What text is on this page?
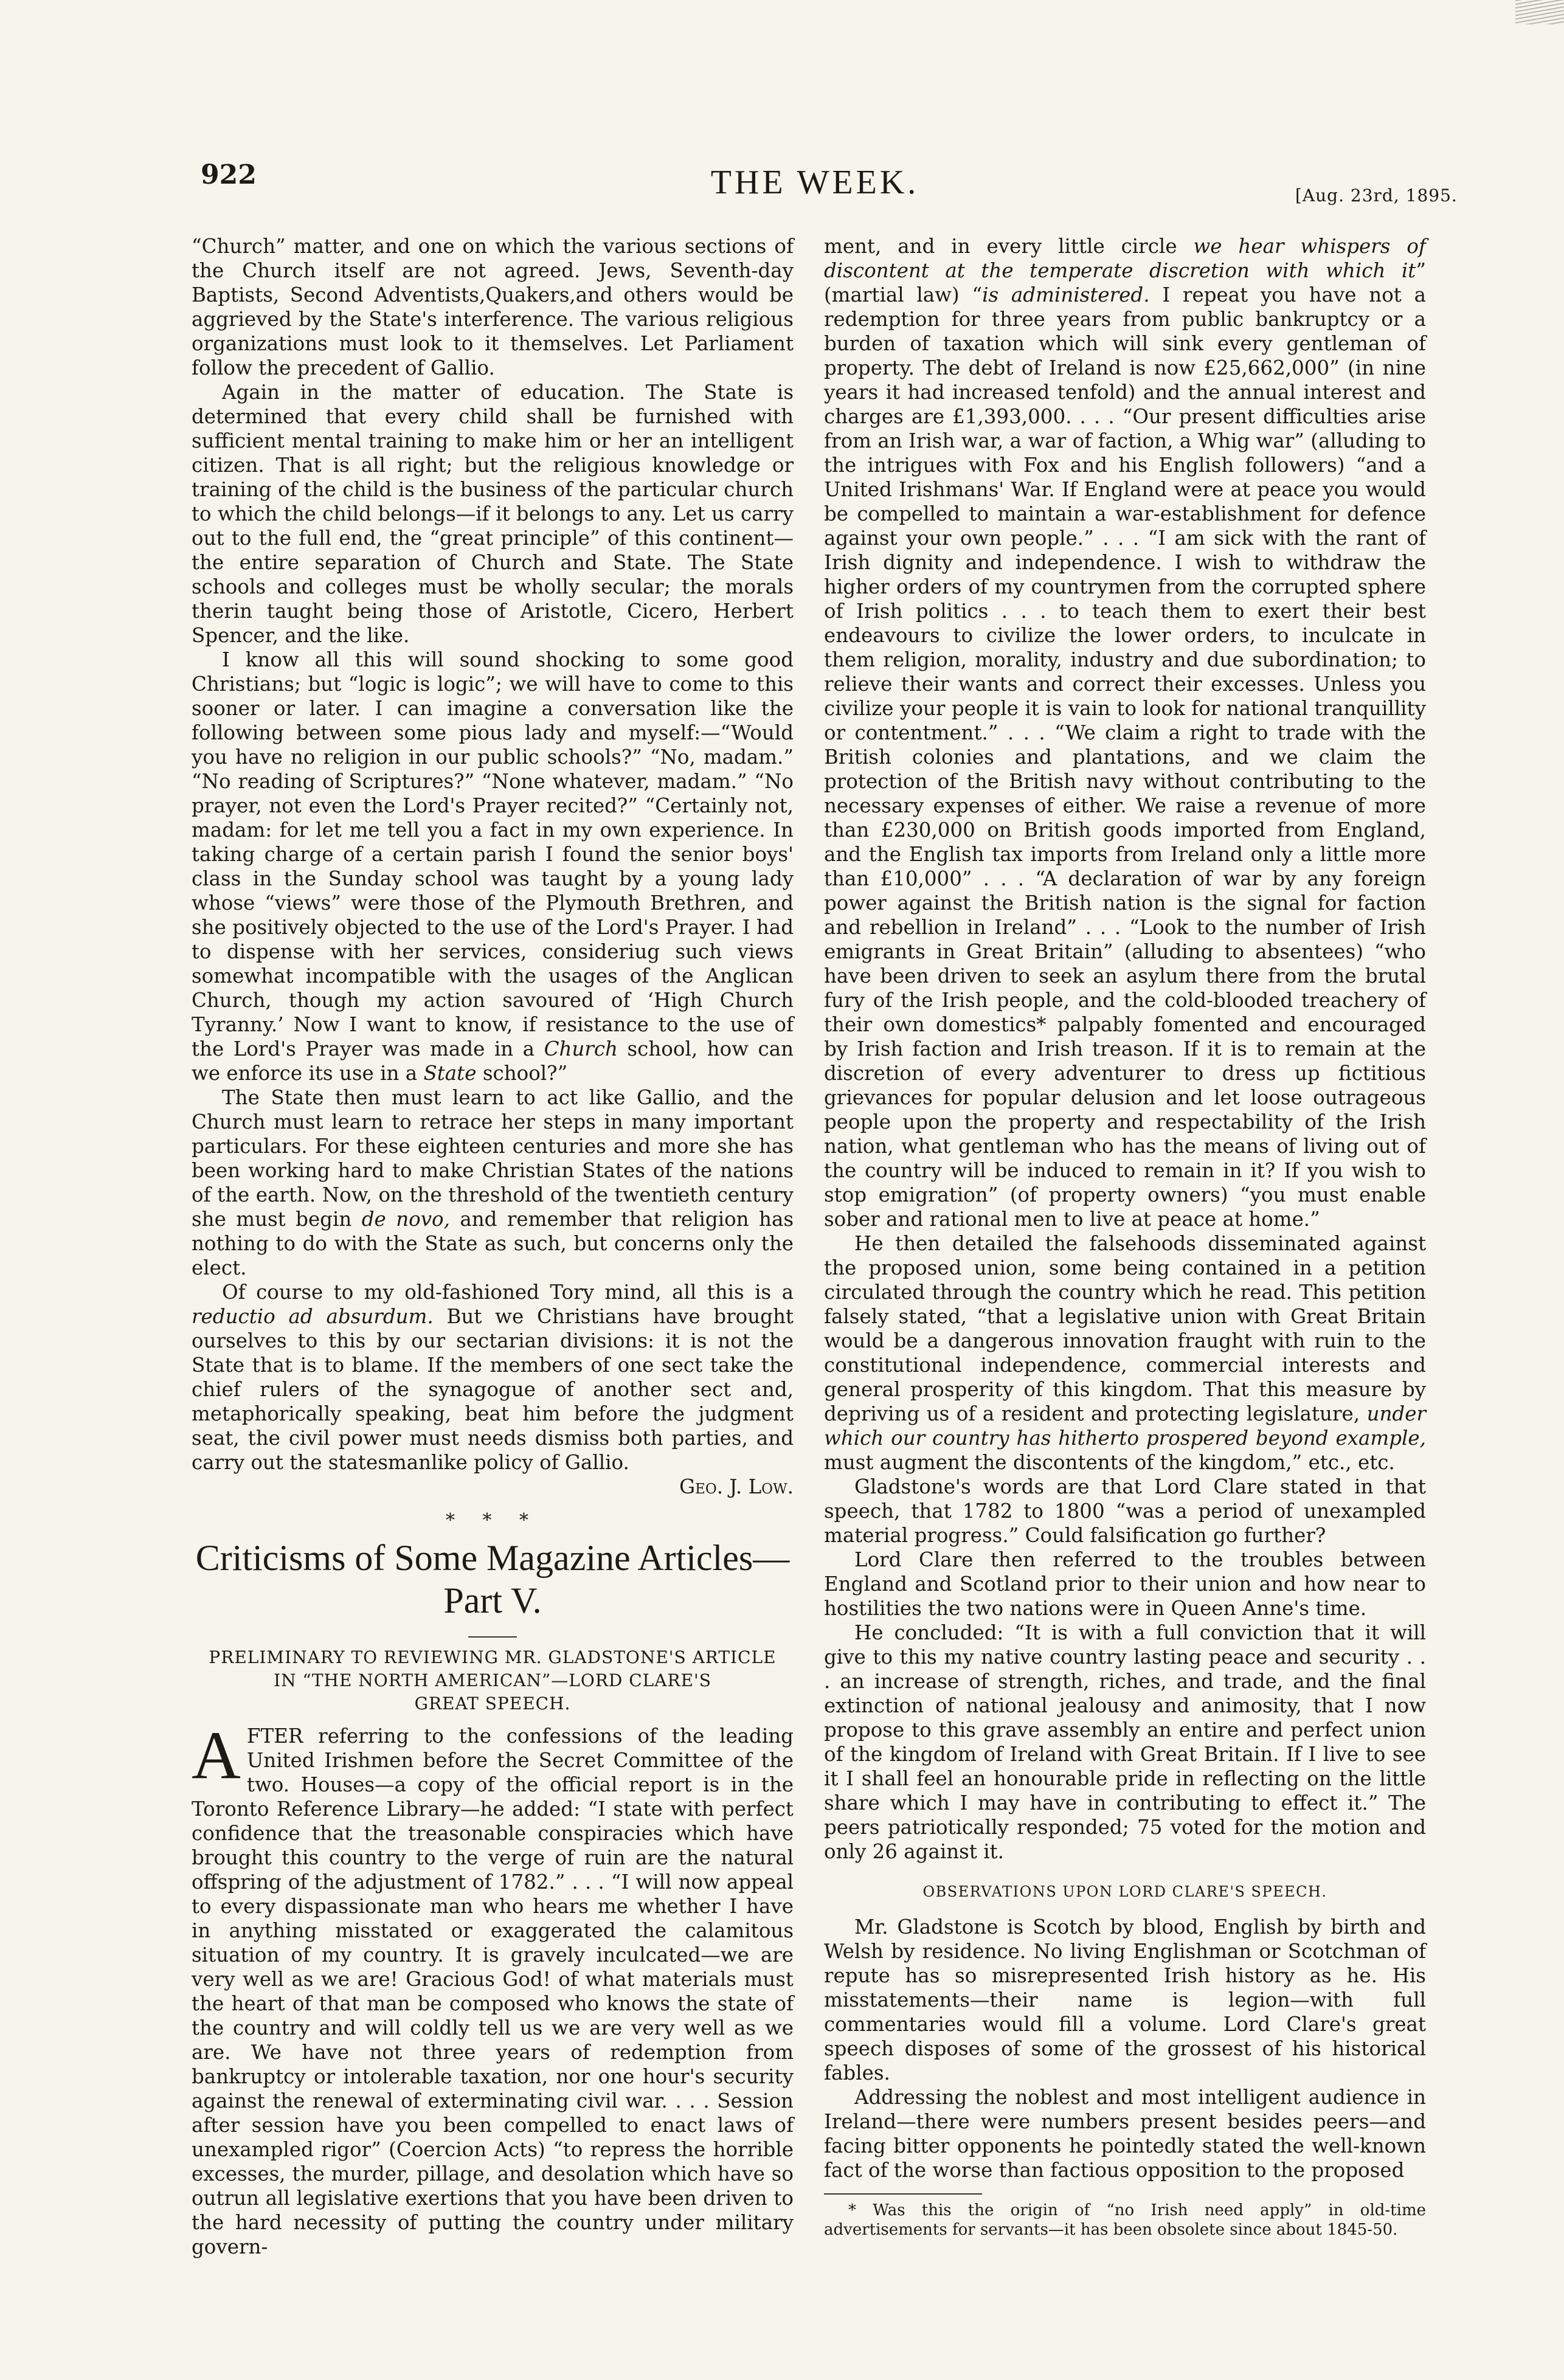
922	THE WEEK.	[Aug. 23rd, 1895.

“Church” matter, and one on which the various sections of the Church itself are not agreed. Jews, Seventh-day Baptists, Second Adventists,Quakers,and others would be aggrieved by the State's interference. The various religious organizations must look to it themselves. Let Parliament follow the precedent of Gallio.

Again in the matter of education. The State is determined that every child shall be furnished with sufficient mental training to make him or her an intelligent citizen. That is all right; but the religious knowledge or training of the child is the business of the particular church to which the child belongs—if it belongs to any. Let us carry out to the full end, the “great principle” of this continent—the entire separation of Church and State. The State schools and colleges must be wholly secular; the morals therin taught being those of Aristotle, Cicero, Herbert Spencer, and the like.

I know all this will sound shocking to some good Christians; but “logic is logic”; we will have to come to this sooner or later. I can imagine a conversation like the following between some pious lady and myself:—“Would you have no religion in our public schools?” “No, madam.” “No reading of Scriptures?” “None whatever, madam.” “No prayer, not even the Lord's Prayer recited?” “Certainly not, madam: for let me tell you a fact in my own experience. In taking charge of a certain parish I found the senior boys' class in the Sunday school was taught by a young lady whose “views” were those of the Plymouth Brethren, and she positively objected to the use of the Lord's Prayer. I had to dispense with her services, consideriug such views somewhat incompatible with the usages of the Anglican Church, though my action savoured of ‘High Church Tyranny.’ Now I want to know, if resistance to the use of the Lord's Prayer was made in a Church school, how can we enforce its use in a State school?”

The State then must learn to act like Gallio, and the Church must learn to retrace her steps in many important particulars. For these eighteen centuries and more she has been working hard to make Christian States of the nations of the earth. Now, on the threshold of the twentieth century she must begin de novo, and remember that religion has nothing to do with the State as such, but concerns only the elect.

Of course to my old-fashioned Tory mind, all this is a reductio ad absurdum. But we Christians have brought ourselves to this by our sectarian divisions: it is not the State that is to blame. If the members of one sect take the chief rulers of the synagogue of another sect and, metaphorically speaking, beat him before the judgment seat, the civil power must needs dismiss both parties, and carry out the statesmanlike policy of Gallio.

Geo. J. Low.

* * *
Criticisms of Some Magazine Articles—
Part V.
PRELIMINARY TO REVIEWING MR. GLADSTONE'S ARTICLE
IN “THE NORTH AMERICAN”—LORD CLARE'S
GREAT SPEECH.

AFTER referring to the confessions of the leading United Irishmen before the Secret Committee of the two. Houses—a copy of the official report is in the Toronto Reference Library—he added: “I state with perfect confidence that the treasonable conspiracies which have brought this country to the verge of ruin are the natural offspring of the adjustment of 1782.” . . . “I will now appeal to every dispassionate man who hears me whether I have in anything misstated or exaggerated the calamitous situation of my country. It is gravely inculcated—we are very well as we are! Gracious God! of what materials must the heart of that man be composed who knows the state of the country and will coldly tell us we are very well as we are. We have not three years of redemption from bankruptcy or intolerable taxation, nor one hour's security against the renewal of exterminating civil war. . . . Session after session have you been compelled to enact laws of unexampled rigor” (Coercion Acts) “to repress the horrible excesses, the murder, pillage, and desolation which have so outrun all legislative exertions that you have been driven to the hard necessity of putting the country under military govern-

ment, and in every little circle we hear whispers of discontent at the temperate discretion with which it” (martial law) “is administered. I repeat you have not a redemption for three years from public bankruptcy or a burden of taxation which will sink every gentleman of property. The debt of Ireland is now £25,662,000” (in nine years it had increased tenfold) and the annual interest and charges are £1,393,000. . . . “Our present difficulties arise from an Irish war, a war of faction, a Whig war” (alluding to the intrigues with Fox and his English followers) “and a United Irishmans' War. If England were at peace you would be compelled to maintain a war-establishment for defence against your own people.” . . . “I am sick with the rant of Irish dignity and independence. I wish to withdraw the higher orders of my countrymen from the corrupted sphere of Irish politics . . . to teach them to exert their best endeavours to civilize the lower orders, to inculcate in them religion, morality, industry and due subordination; to relieve their wants and correct their excesses. Unless you civilize your people it is vain to look for national tranquillity or contentment.” . . . “We claim a right to trade with the British colonies and plantations, and we claim the protection of the British navy without contributing to the necessary expenses of either. We raise a revenue of more than £230,000 on British goods imported from England, and the English tax imports from Ireland only a little more than £10,000” . . . “A declaration of war by any foreign power against the British nation is the signal for faction and rebellion in Ireland” . . . “Look to the number of Irish emigrants in Great Britain” (alluding to absentees) “who have been driven to seek an asylum there from the brutal fury of the Irish people, and the cold-blooded treachery of their own domestics* palpably fomented and encouraged by Irish faction and Irish treason. If it is to remain at the discretion of every adventurer to dress up fictitious grievances for popular delusion and let loose outrageous people upon the property and respectability of the Irish nation, what gentleman who has the means of living out of the country will be induced to remain in it? If you wish to stop emigration” (of property owners) “you must enable sober and rational men to live at peace at home.”

He then detailed the falsehoods disseminated against the proposed union, some being contained in a petition circulated through the country which he read. This petition falsely stated, “that a legislative union with Great Britain would be a dangerous innovation fraught with ruin to the constitutional independence, commercial interests and general prosperity of this kingdom. That this measure by depriving us of a resident and protecting legislature, under which our country has hitherto prospered beyond example, must augment the discontents of the kingdom,” etc., etc.

Gladstone's words are that Lord Clare stated in that speech, that 1782 to 1800 “was a period of unexampled material progress.” Could falsification go further?

Lord Clare then referred to the troubles between England and Scotland prior to their union and how near to hostilities the two nations were in Queen Anne's time.

He concluded: “It is with a full conviction that it will give to this my native country lasting peace and security . . . an increase of strength, riches, and trade, and the final extinction of national jealousy and animosity, that I now propose to this grave assembly an entire and perfect union of the kingdom of Ireland with Great Britain. If I live to see it I shall feel an honourable pride in reflecting on the little share which I may have in contributing to effect it.” The peers patriotically responded; 75 voted for the motion and only 26 against it.

OBSERVATIONS UPON LORD CLARE'S SPEECH.

Mr. Gladstone is Scotch by blood, English by birth and Welsh by residence. No living Englishman or Scotchman of repute has so misrepresented Irish history as he. His misstatements—their name is legion—with full commentaries would fill a volume. Lord Clare's great speech disposes of some of the grossest of his historical fables.

Addressing the noblest and most intelligent audience in Ireland—there were numbers present besides peers—and facing bitter opponents he pointedly stated the well-known fact of the worse than factious opposition to the proposed

* Was this the origin of “no Irish need apply” in old-time advertisements for servants—it has been obsolete since about 1845-50.
